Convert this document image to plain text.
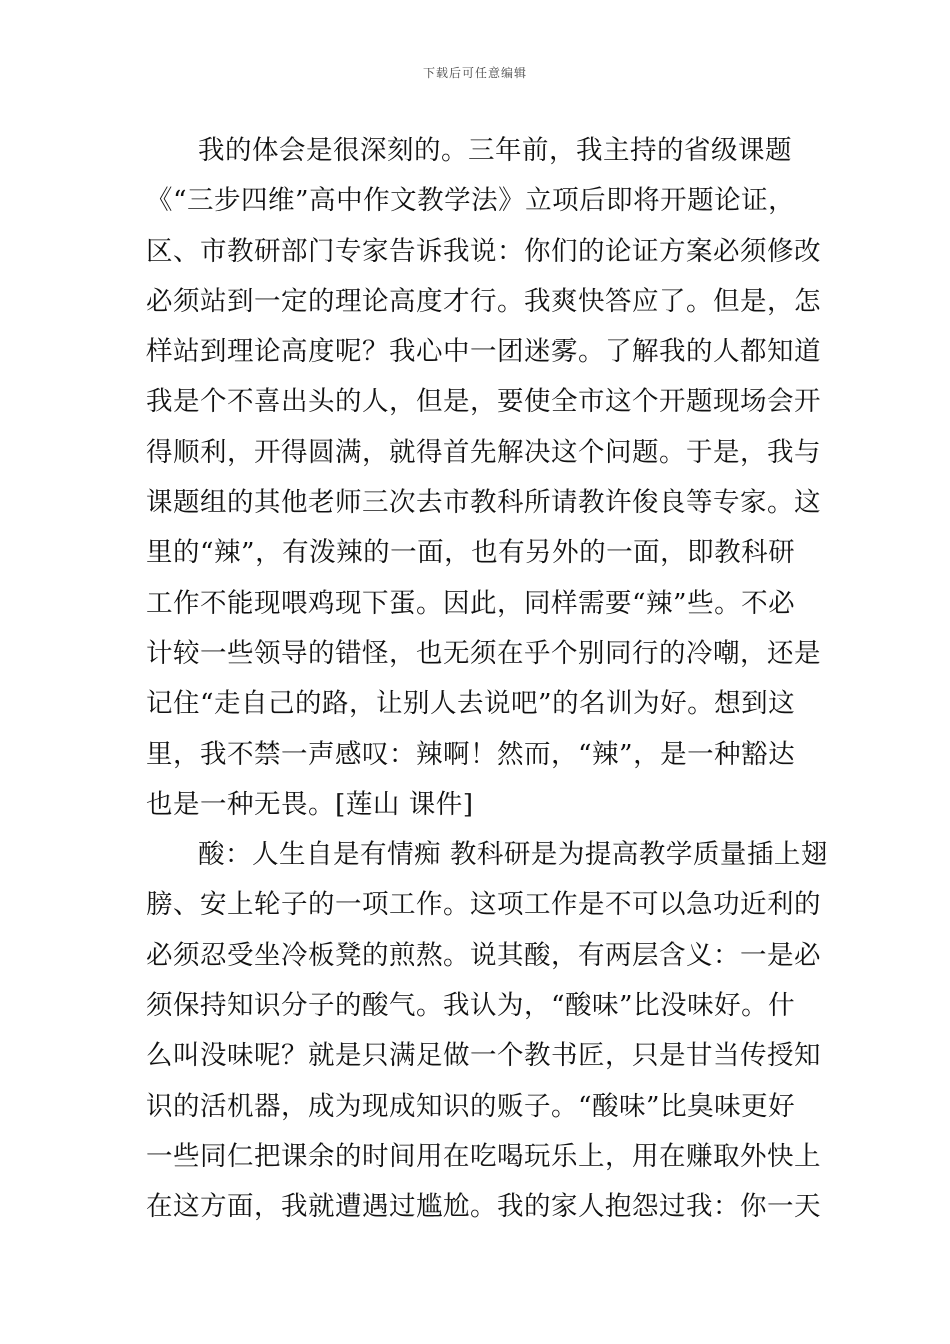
下载后可任意编辑
我的体会是很深刻的。三年前，我主持的省级课题
《“三步四维”高中作文教学法》立项后即将开题论证，
区、市教研部门专家告诉我说：你们的论证方案必须修改
必须站到一定的理论高度才行。我爽快答应了。但是，怎
样站到理论高度呢？我心中一团迷雾。了解我的人都知道
我是个不喜出头的人，但是，要使全市这个开题现场会开
得顺利，开得圆满，就得首先解决这个问题。于是，我与
课题组的其他老师三次去市教科所请教许俊良等专家。这
里的“辣”，有泼辣的一面，也有另外的一面，即教科研
工作不能现喂鸡现下蛋。因此，同样需要“辣”些。不必
计较一些领导的错怪，也无须在乎个别同行的冷嘲，还是
记住“走自己的路，让别人去说吧”的名训为好。想到这
里，我不禁一声感叹：辣啊！然而，“辣”，是一种豁达
也是一种无畏。[莲山 课件]
酸：人生自是有情痴 教科研是为提高教学质量插上翅
膀、安上轮子的一项工作。这项工作是不可以急功近利的
必须忍受坐冷板凳的煎熬。说其酸，有两层含义：一是必
须保持知识分子的酸气。我认为，“酸味”比没味好。什
么叫没味呢？就是只满足做一个教书匠，只是甘当传授知
识的活机器，成为现成知识的贩子。“酸味”比臭味更好
一些同仁把课余的时间用在吃喝玩乐上，用在赚取外快上
在这方面，我就遭遇过尴尬。我的家人抱怨过我：你一天
